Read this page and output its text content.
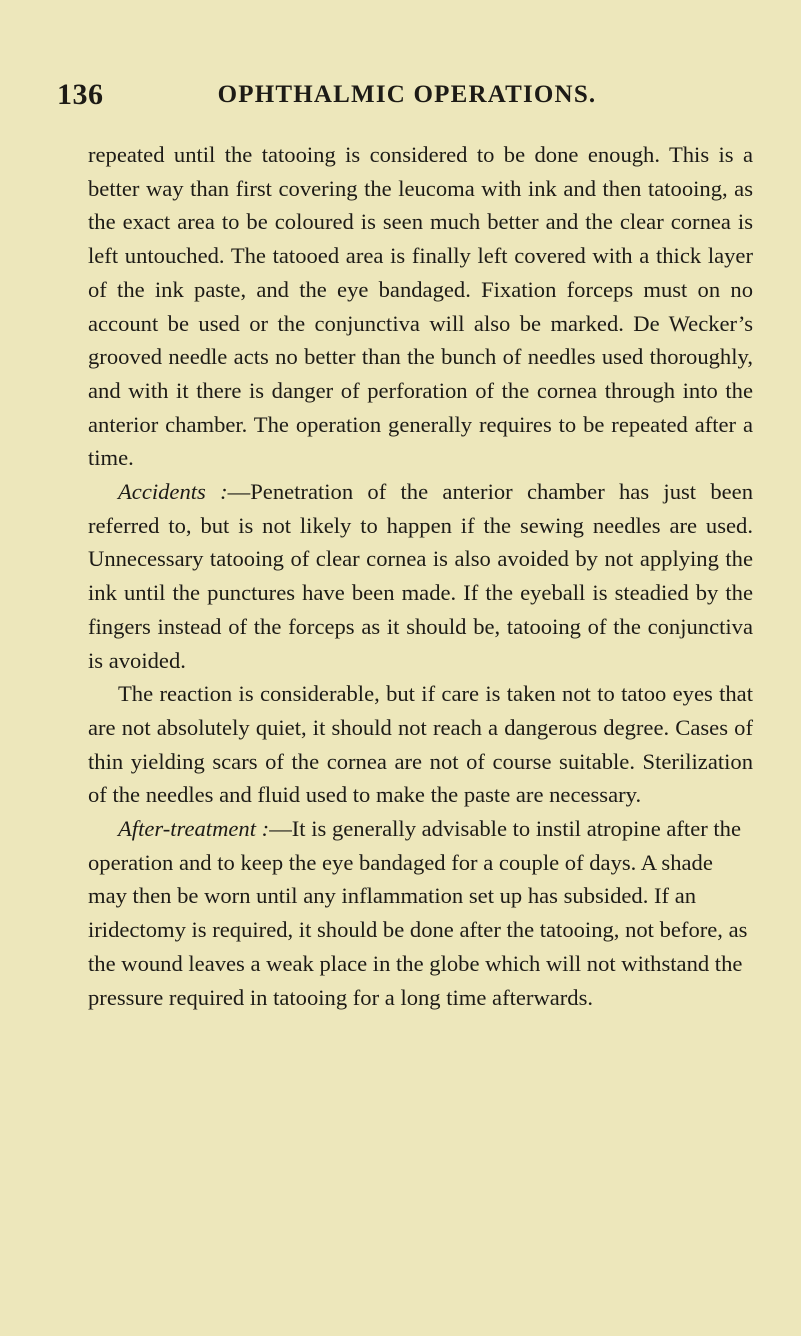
136	OPHTHALMIC OPERATIONS.

repeated until the tatooing is considered to be done enough. This is a better way than first covering the leucoma with ink and then tatooing, as the exact area to be coloured is seen much better and the clear cornea is left untouched. The tatooed area is finally left covered with a thick layer of the ink paste, and the eye bandaged. Fixation forceps must on no account be used or the conjunctiva will also be marked. De Wecker’s grooved needle acts no better than the bunch of needles used thoroughly, and with it there is danger of perforation of the cornea through into the anterior chamber. The operation generally requires to be repeated after a time.

Accidents :—Penetration of the anterior chamber has just been referred to, but is not likely to happen if the sewing needles are used. Unnecessary tatooing of clear cornea is also avoided by not applying the ink until the punctures have been made. If the eyeball is steadied by the fingers instead of the forceps as it should be, tatooing of the conjunctiva is avoided.

The reaction is considerable, but if care is taken not to tatoo eyes that are not absolutely quiet, it should not reach a dangerous degree. Cases of thin yielding scars of the cornea are not of course suitable. Sterilization of the needles and fluid used to make the paste are necessary.

After-treatment :—It is generally advisable to instil atropine after the operation and to keep the eye bandaged for a couple of days. A shade may then be worn until any inflammation set up has subsided. If an iridectomy is required, it should be done after the tatooing, not before, as the wound leaves a weak place in the globe which will not withstand the pressure required in tatooing for a long time afterwards.
